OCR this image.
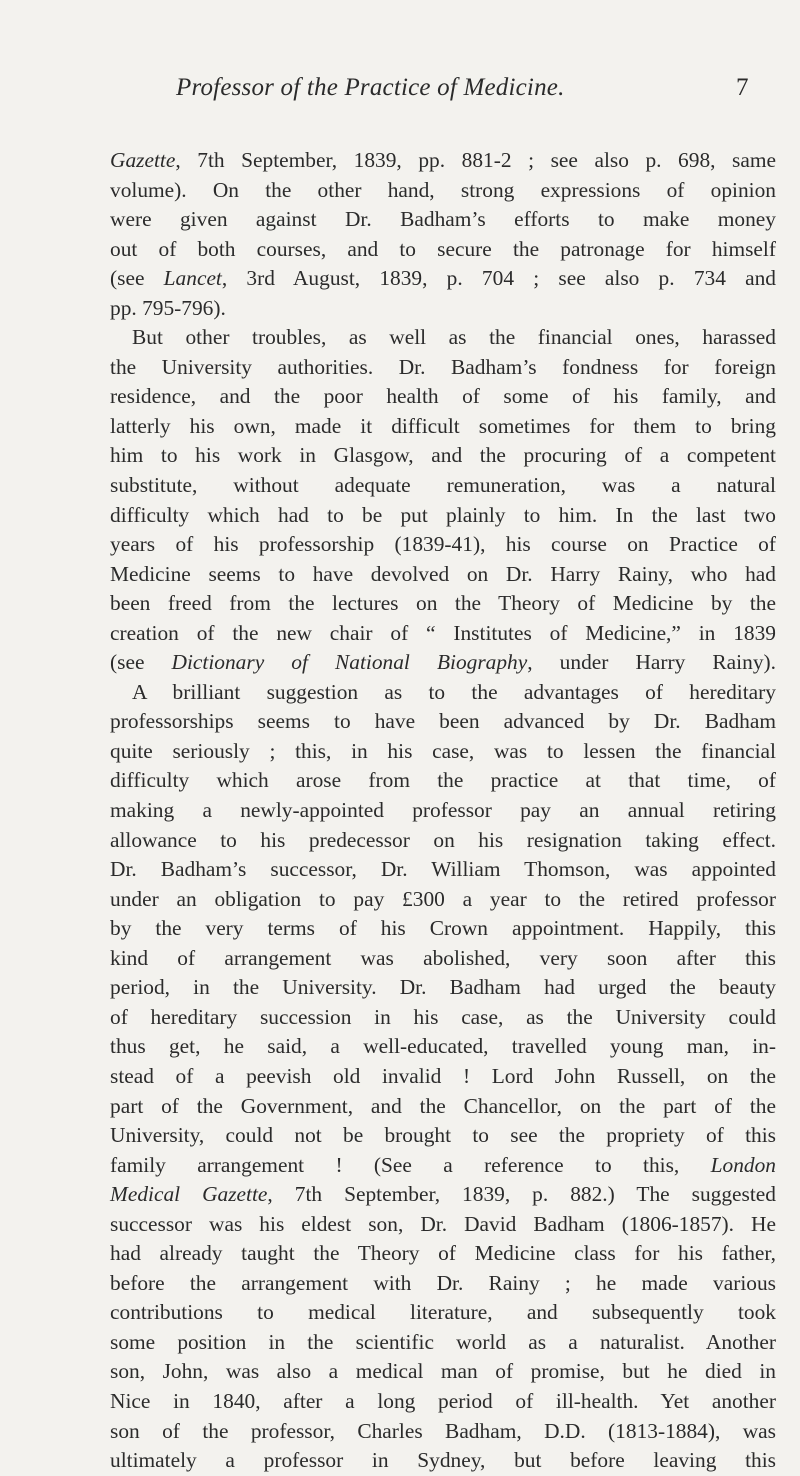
Professor of the Practice of Medicine.	7
Gazette, 7th September, 1839, pp. 881-2 ; see also p. 698, same
volume). On the other hand, strong expressions of opinion
were given against Dr. Badham’s efforts to make money
out of both courses, and to secure the patronage for himself
(see Lancet, 3rd August, 1839, p. 704 ; see also p. 734 and
pp. 795-796).
But other troubles, as well as the financial ones, harassed
the University authorities. Dr. Badham’s fondness for foreign
residence, and the poor health of some of his family, and
latterly his own, made it difficult sometimes for them to bring
him to his work in Glasgow, and the procuring of a competent
substitute, without adequate remuneration, was a natural
difficulty which had to be put plainly to him. In the last two
years of his professorship (1839-41), his course on Practice of
Medicine seems to have devolved on Dr. Harry Rainy, who had
been freed from the lectures on the Theory of Medicine by the
creation of the new chair of “ Institutes of Medicine,” in 1839
(see Dictionary of National Biography, under Harry Rainy).
A brilliant suggestion as to the advantages of hereditary
professorships seems to have been advanced by Dr. Badham
quite seriously ; this, in his case, was to lessen the financial
difficulty which arose from the practice at that time, of
making a newly-appointed professor pay an annual retiring
allowance to his predecessor on his resignation taking effect.
Dr. Badham’s successor, Dr. William Thomson, was appointed
under an obligation to pay £300 a year to the retired professor
by the very terms of his Crown appointment. Happily, this
kind of arrangement was abolished, very soon after this
period, in the University. Dr. Badham had urged the beauty
of hereditary succession in his case, as the University could
thus get, he said, a well-educated, travelled young man, in-
stead of a peevish old invalid ! Lord John Russell, on the
part of the Government, and the Chancellor, on the part of the
University, could not be brought to see the propriety of this
family arrangement ! (See a reference to this, London
Medical Gazette, 7th September, 1839, p. 882.) The suggested
successor was his eldest son, Dr. David Badham (1806-1857). He
had already taught the Theory of Medicine class for his father,
before the arrangement with Dr. Rainy ; he made various
contributions to medical literature, and subsequently took
some position in the scientific world as a naturalist. Another
son, John, was also a medical man of promise, but he died in
Nice in 1840, after a long period of ill-health. Yet another
son of the professor, Charles Badham, D.D. (1813-1884), was
ultimately a professor in Sydney, but before leaving this
